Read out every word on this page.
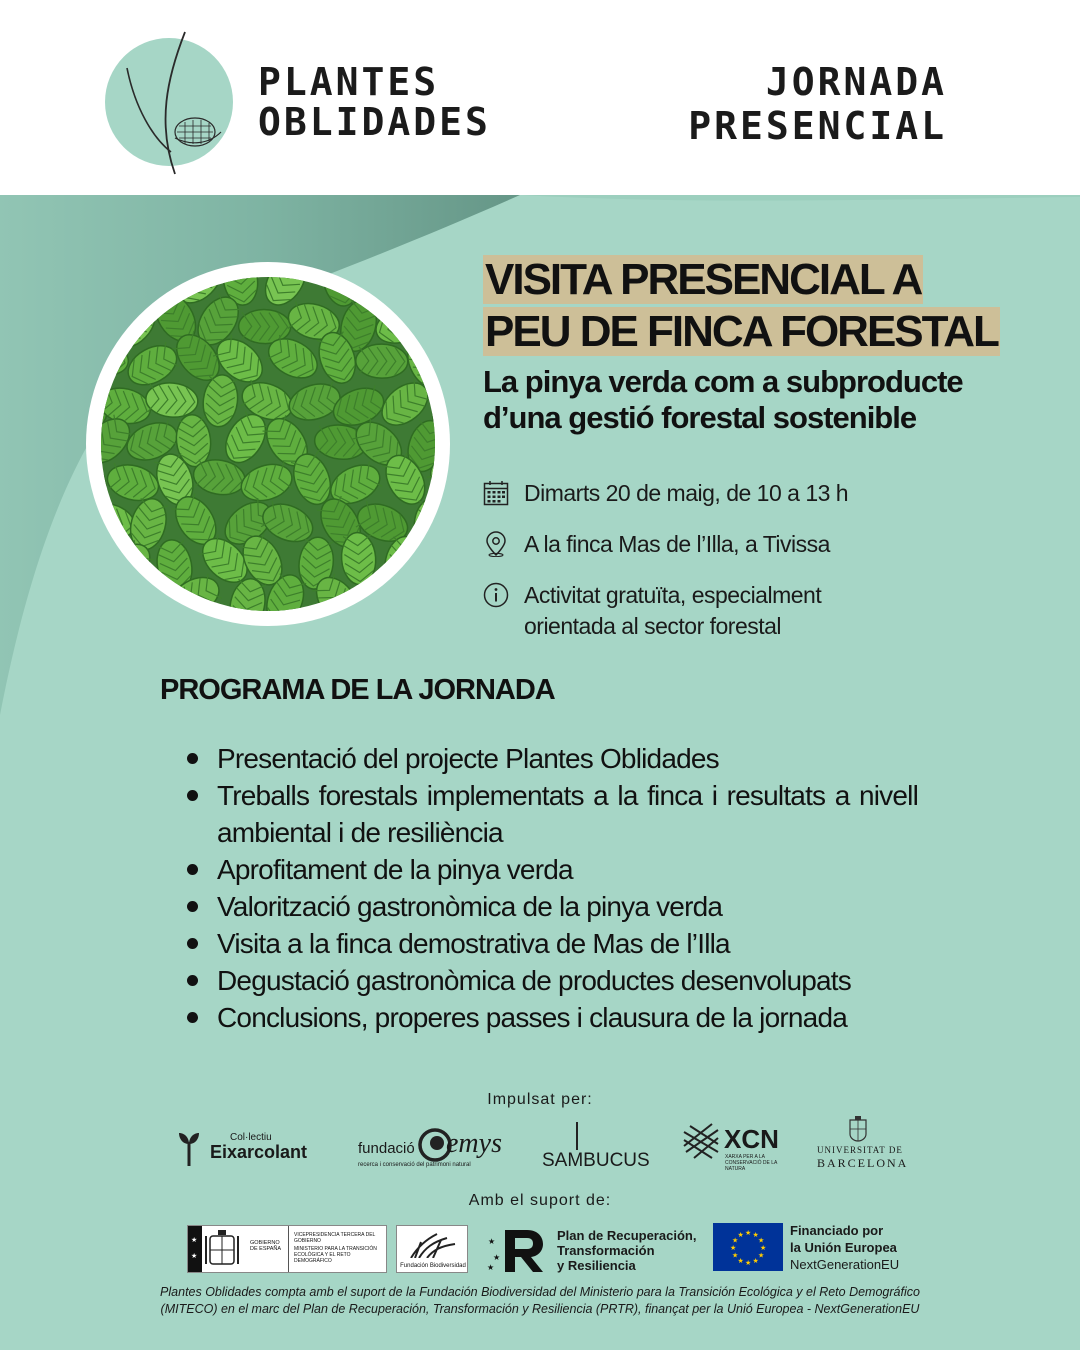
PLANTES
OBLIDADES
JORNADA
PRESENCIAL
VISITA PRESENCIAL A
PEU DE FINCA FORESTAL
La pinya verda com a subproducte
d’una gestió forestal sostenible
Dimarts 20 de maig, de 10 a 13 h
A la finca Mas de l’Illa, a Tivissa
Activitat gratuïta, especialment
orientada al sector forestal
PROGRAMA DE LA JORNADA
Presentació del projecte Plantes Oblidades
Treballs forestals implementats a la finca i resultats a nivell ambiental i de resiliència
Aprofitament de la pinya verda
Valorització gastronòmica de la pinya verda
Visita a la finca demostrativa de Mas de l’Illa
Degustació gastronòmica de productes desenvolupats
Conclusions, properes passes i clausura de la jornada
Impulsat per:
Col·lectiu
Eixarcolant	fundació emys
recerca i conservació del patrimoni natural	SAMBUCUS
XCN
XARXA PER A LA CONSERVACIÓ DE LA NATURA
UNIVERSITAT DE
BARCELONA
Amb el suport de:
★
★
GOBIERNO DE ESPAÑA
VICEPRESIDENCIA TERCERA DEL GOBIERNO
MINISTERIO PARA LA TRANSICIÓN ECOLÓGICA Y EL RETO DEMOGRÁFICO
Fundación Biodiversidad
★
★
★
Plan de Recuperación,
Transformación
y Resiliencia
★
★
★
★
★
★
★
★
★ ★ ★
★
Financiado por
la Unión Europea
NextGenerationEU
Plantes Oblidades compta amb el suport de la Fundación Biodiversidad del Ministerio para la Transición Ecológica y el Reto Demográfico
(MITECO) en el marc del Plan de Recuperación, Transformación y Resiliencia (PRTR), finançat per la Unió Europea - NextGenerationEU
